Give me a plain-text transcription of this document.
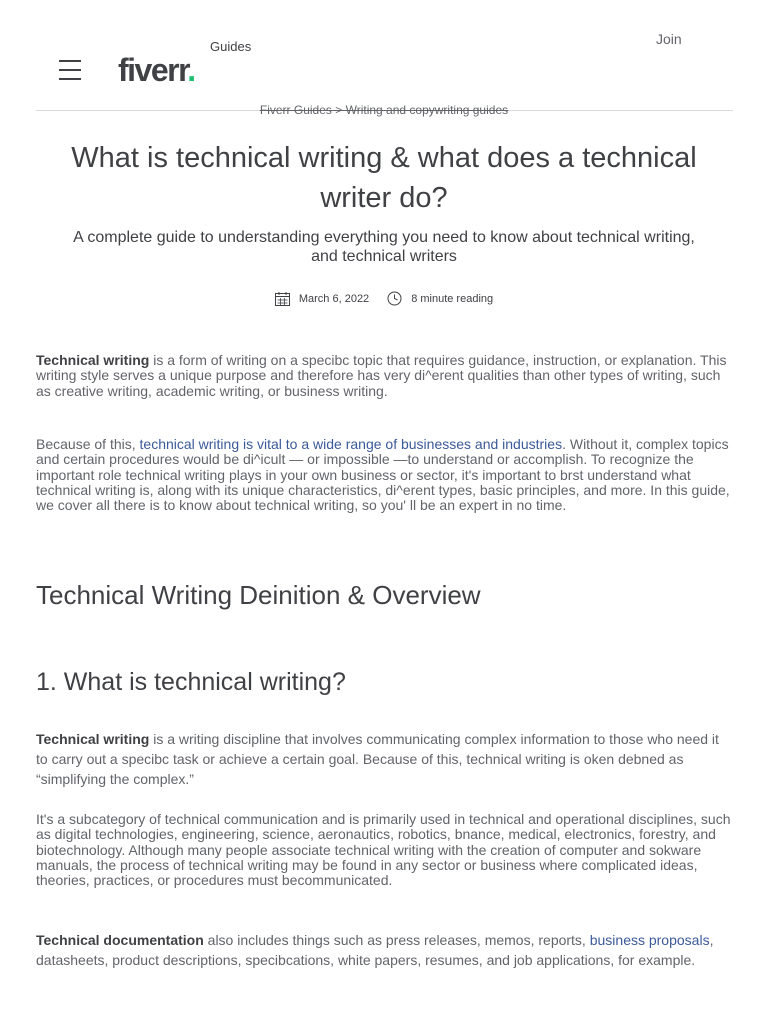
Guides	Join
fiverr.
Fiverr Guides > Writing and copywriting guides
What is technical writing & what does a technical writer do?
A complete guide to understanding everything you need to know about technical writing, and technical writers
March 6, 2022	8 minute reading

Technical writing is a form of writing on a specibc topic that requires guidance, instruction, or explanation. This writing style serves a unique purpose and therefore has very di^erent qualities than other types of writing, such as creative writing, academic writing, or business writing.

Because of this, technical writing is vital to a wide range of businesses and industries. Without it, complex topics and certain procedures would be di^icult — or impossible —to understand or accomplish. To recognize the important role technical writing plays in your own business or sector, it's important to brst understand what technical writing is, along with its unique characteristics, di^erent types, basic principles, and more. In this guide, we cover all there is to know about technical writing, so you' ll be an expert in no time.

Technical Writing Deinition & Overview
1. What is technical writing?

Technical writing is a writing discipline that involves communicating complex information to those who need it to carry out a specibc task or achieve a certain goal. Because of this, technical writing is oken debned as “simplifying the complex.”

It's a subcategory of technical communication and is primarily used in technical and operational disciplines, such as digital technologies, engineering, science, aeronautics, robotics, bnance, medical, electronics, forestry, and biotechnology. Although many people associate technical writing with the creation of computer and sokware manuals, the process of technical writing may be found in any sector or business where complicated ideas, theories, practices, or procedures must becommunicated.

Technical documentation also includes things such as press releases, memos, reports, business proposals, datasheets, product descriptions, specibcations, white papers, resumes, and job applications, for example.
